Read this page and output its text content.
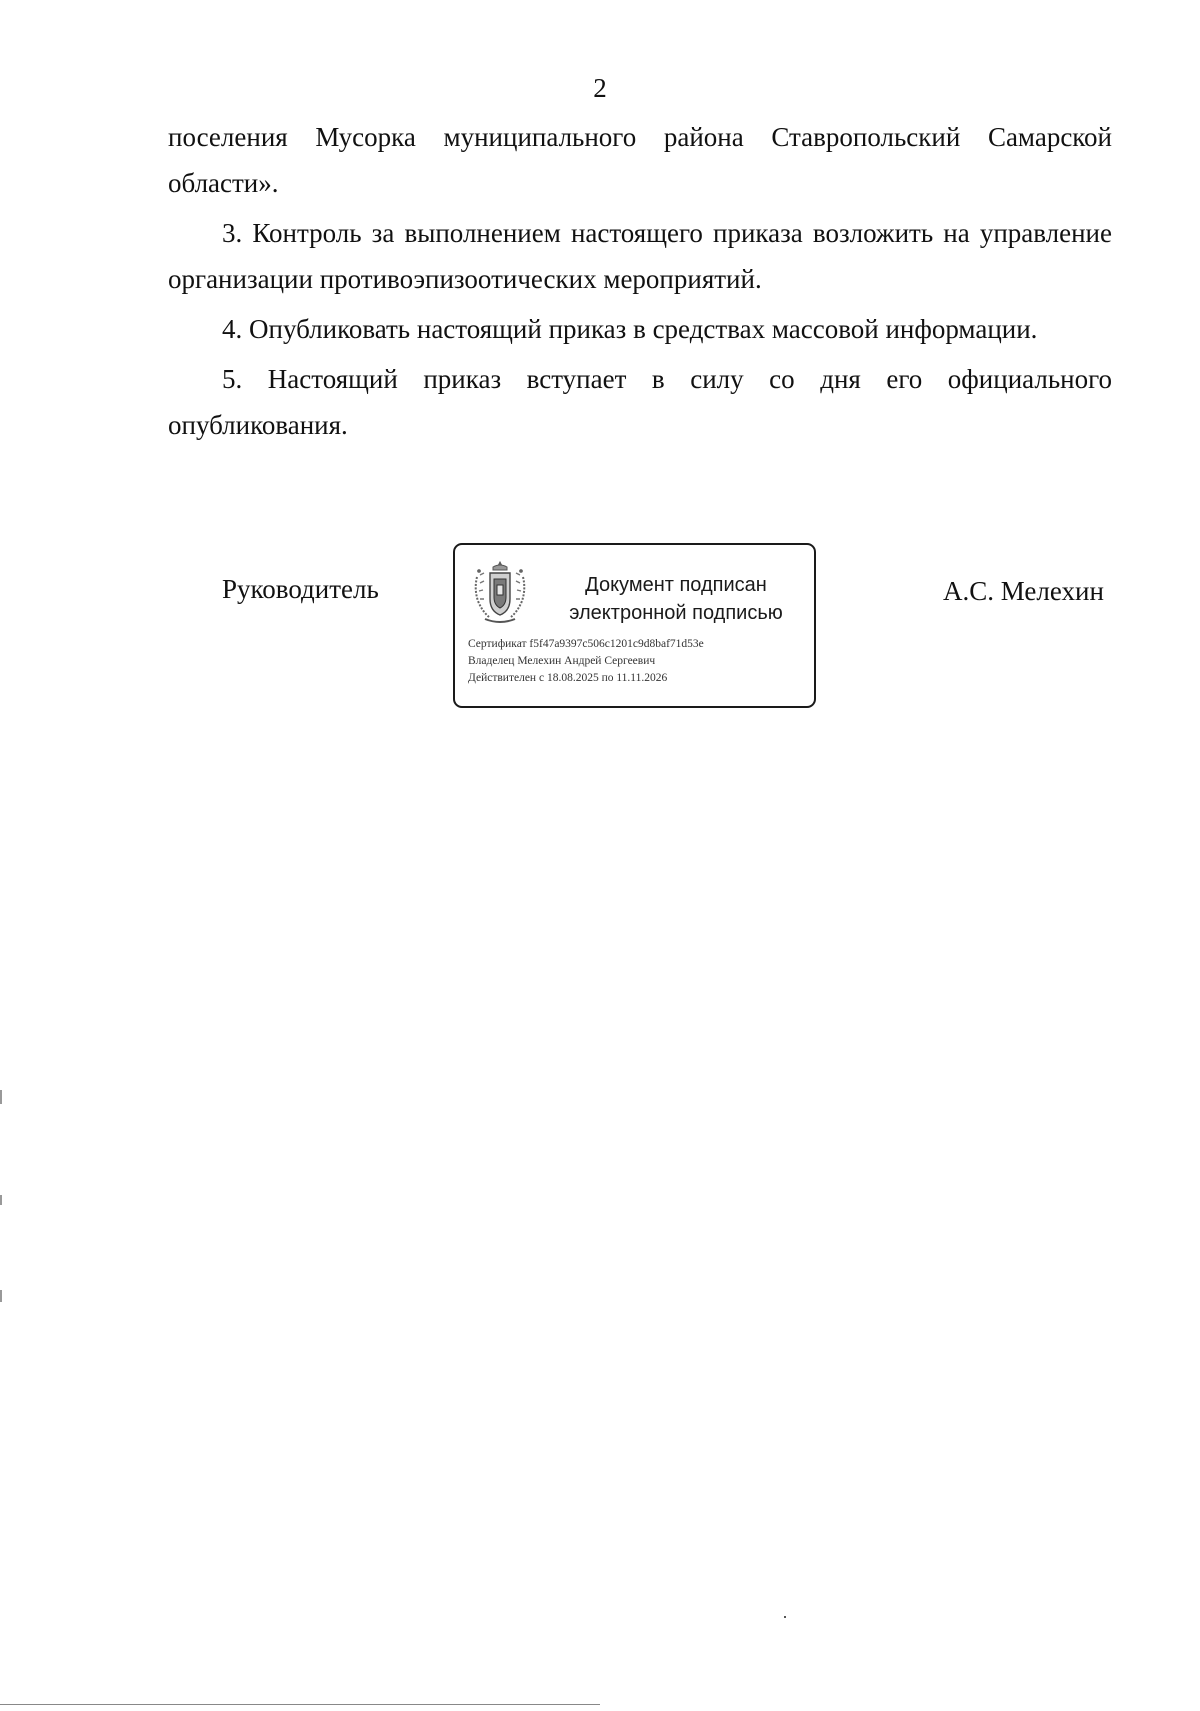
2

поселения Мусорка муниципального района Ставропольский Самарской области».

3. Контроль за выполнением настоящего приказа возложить на управление организации противоэпизоотических мероприятий.

4. Опубликовать настоящий приказ в средствах массовой информации.

5. Настоящий приказ вступает в силу со дня его официального опубликования.

Руководитель	Документ подписан
электронной подписью
Сертификат f5f47a9397c506c1201c9d8baf71d53e
Владелец Мелехин Андрей Сергеевич
Действителен с 18.08.2025 по 11.11.2026
А.С. Мелехин
